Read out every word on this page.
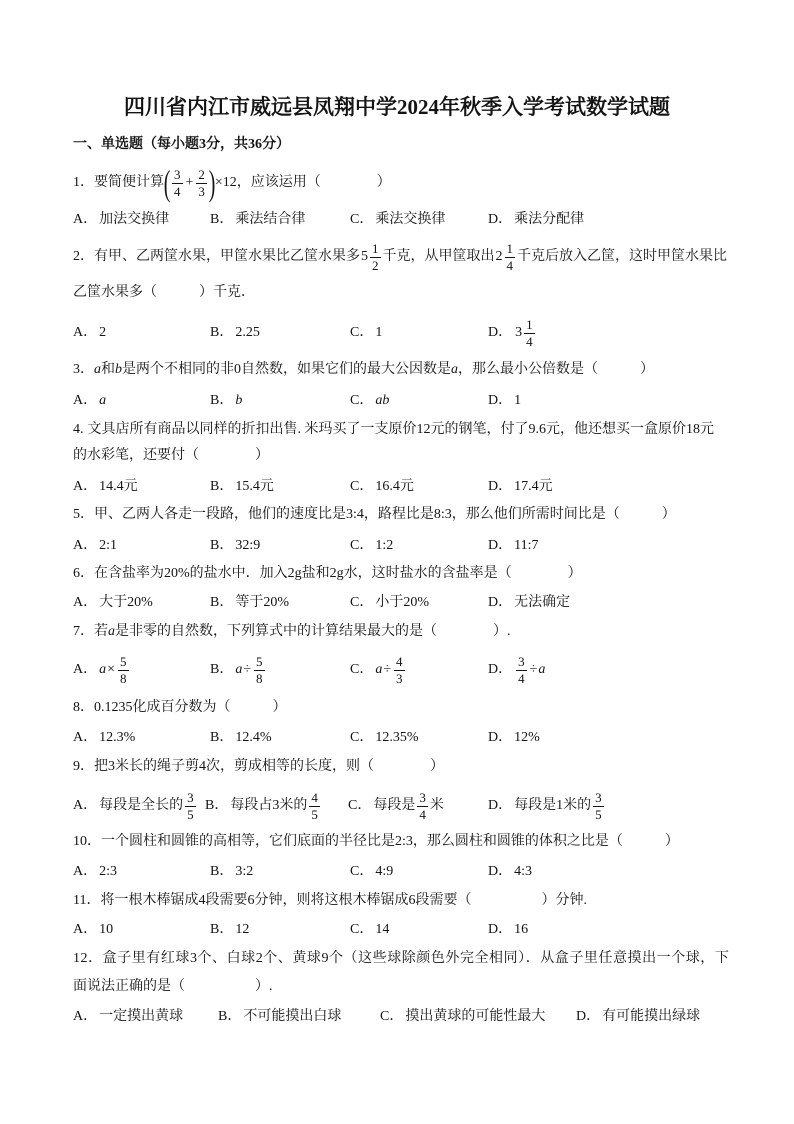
四川省内江市威远县凤翔中学2024年秋季入学考试数学试题
一、单选题（每小题3分，共36分）
1． 要简便计算 ( $\frac{3}{4} + \frac{2}{3}$ ) ×12，应该运用（　　　　）
A． 加法交换律	B． 乘法结合律	C． 乘法交换律	D． 乘法分配律
2． 有甲、乙两筐水果，甲筐水果比乙筐水果多 $5 \frac{1}{2}$ 千克，从甲筐取出 $2 \frac{1}{4}$ 千克后放入乙筐，这时甲筐水果比
乙筐水果多（　　　）千克．
A． 2	B． 2.25	C． 1	D． $3 \frac{1}{4}$
3． a 和 b 是两个不相同的非0自然数，如果它们的最大公因数是 a ，那么最小公倍数是（　　　）
A． a	B． b	C． ab	D． 1
4. 文具店所有商品以同样的折扣出售. 米玛买了一支原价12元的钢笔，付了9.6元，他还想买一盒原价18元
的水彩笔，还要付（　　　　）
A． 14.4元	B． 15.4元	C． 16.4元	D． 17.4元
5． 甲、乙两人各走一段路，他们的速度比是3:4，路程比是8:3，那么他们所需时间比是（　　　）
A． 2:1	B． 32:9	C． 1:2	D． 11:7
6． 在含盐率为20%的盐水中．加入2g盐和2g水，这时盐水的含盐率是（　　　　）
A． 大于20%	B． 等于20%	C． 小于20%	D． 无法确定
7． 若 a 是非零的自然数，下列算式中的计算结果最大的是（　　　　）.
A． $a \times \frac{5}{8}$	B． $a \div \frac{5}{8}$	C． $a \div \frac{4}{3}$	D． $\frac{3}{4} \div a$
8． 0.1235化成百分数为（　　　）
A． 12.3%	B． 12.4%	C． 12.35%	D． 12%
9． 把3米长的绳子剪4次，剪成相等的长度，则（　　　　）
A． 每段是全长的 $\frac{3}{5}$ B． 每段占3米的 $\frac{4}{5}$ C． 每段是 $\frac{3}{4}$ 米	D． 每段是1米的 $\frac{3}{5}$
10． 一个圆柱和圆锥的高相等，它们底面的半径比是2:3，那么圆柱和圆锥的体积之比是（　　　）
A． 2:3	B． 3:2	C． 4:9	D． 4:3
11． 将一根木棒锯成4段需要6分钟，则将这根木棒锯成6段需要（　　　　　）分钟.
A． 10	B． 12	C． 14	D． 16
12． 盒子里有红球3个、白球2个、黄球9个（这些球除颜色外完全相同）．从盒子里任意摸出一个球，下
面说法正确的是（　　　　　）.
A． 一定摸出黄球 B． 不可能摸出白球	C． 摸出黄球的可能性最大 D． 有可能摸出绿球
